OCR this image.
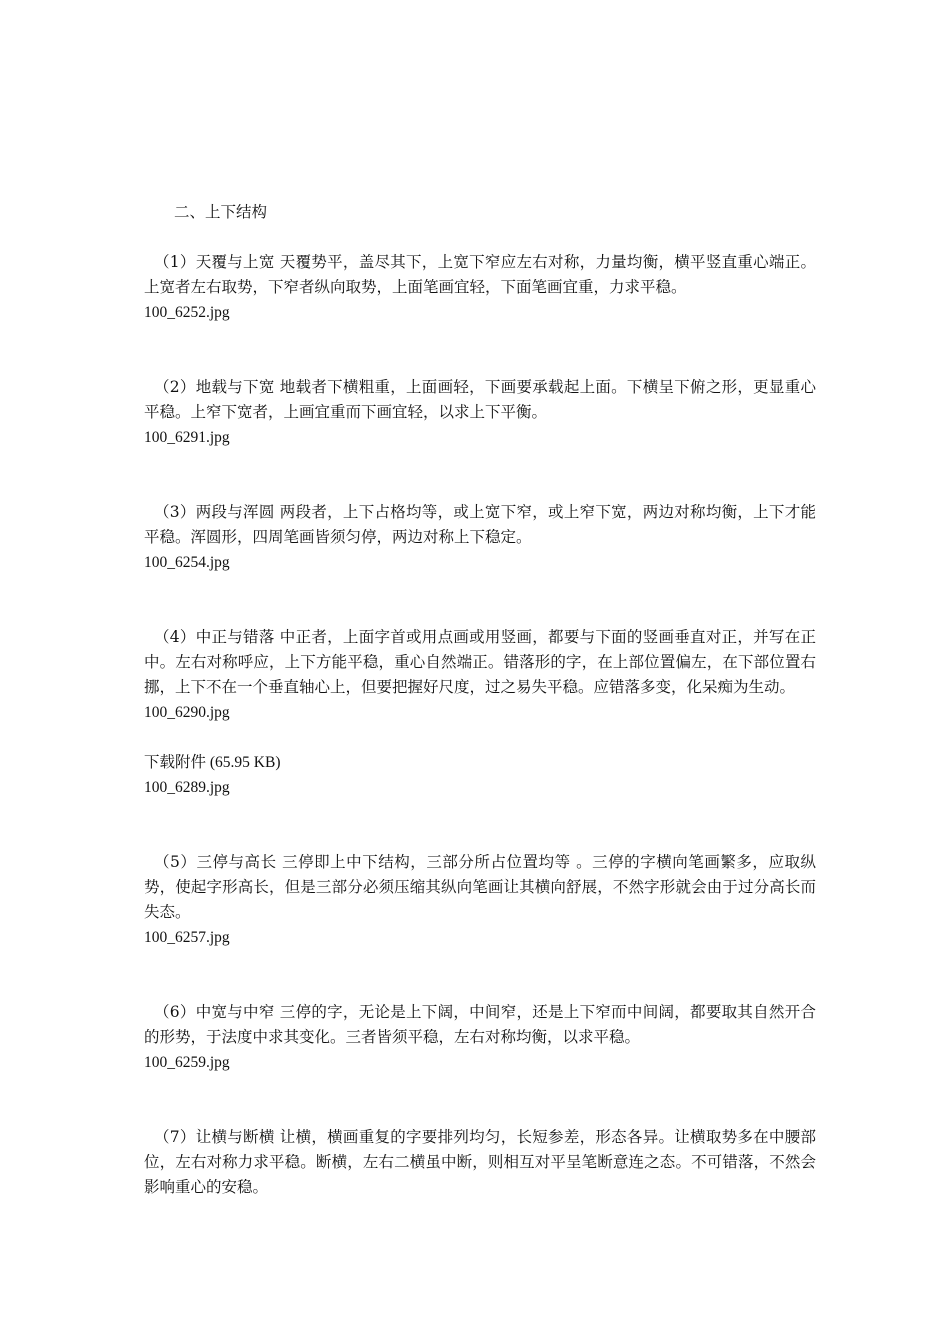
二、上下结构

（1）天覆与上宽 天覆势平，盖尽其下，上宽下窄应左右对称，力量均衡，横平竖直重心端正。上宽者左右取势，下窄者纵向取势，上面笔画宜轻，下面笔画宜重，力求平稳。

100_6252.jpg

（2）地载与下宽 地载者下横粗重，上面画轻，下画要承载起上面。下横呈下俯之形，更显重心平稳。上窄下宽者，上画宜重而下画宜轻，以求上下平衡。

100_6291.jpg

（3）两段与浑圆 两段者，上下占格均等，或上宽下窄，或上窄下宽，两边对称均衡，上下才能平稳。浑圆形，四周笔画皆须匀停，两边对称上下稳定。

100_6254.jpg

（4）中正与错落 中正者，上面字首或用点画或用竖画，都要与下面的竖画垂直对正，并写在正中。左右对称呼应，上下方能平稳，重心自然端正。错落形的字，在上部位置偏左，在下部位置右挪，上下不在一个垂直轴心上，但要把握好尺度，过之易失平稳。应错落多变，化呆痴为生动。

100_6290.jpg

下载附件 (65.95 KB)

100_6289.jpg

（5）三停与高长 三停即上中下结构，三部分所占位置均等 。三停的字横向笔画繁多，应取纵势，使起字形高长，但是三部分必须压缩其纵向笔画让其横向舒展，不然字形就会由于过分高长而失态。

100_6257.jpg

（6）中宽与中窄 三停的字，无论是上下阔，中间窄，还是上下窄而中间阔，都要取其自然开合的形势，于法度中求其变化。三者皆须平稳，左右对称均衡，以求平稳。

100_6259.jpg

（7）让横与断横 让横，横画重复的字要排列均匀，长短参差，形态各异。让横取势多在中腰部位，左右对称力求平稳。断横，左右二横虽中断，则相互对平呈笔断意连之态。不可错落，不然会影响重心的安稳。
